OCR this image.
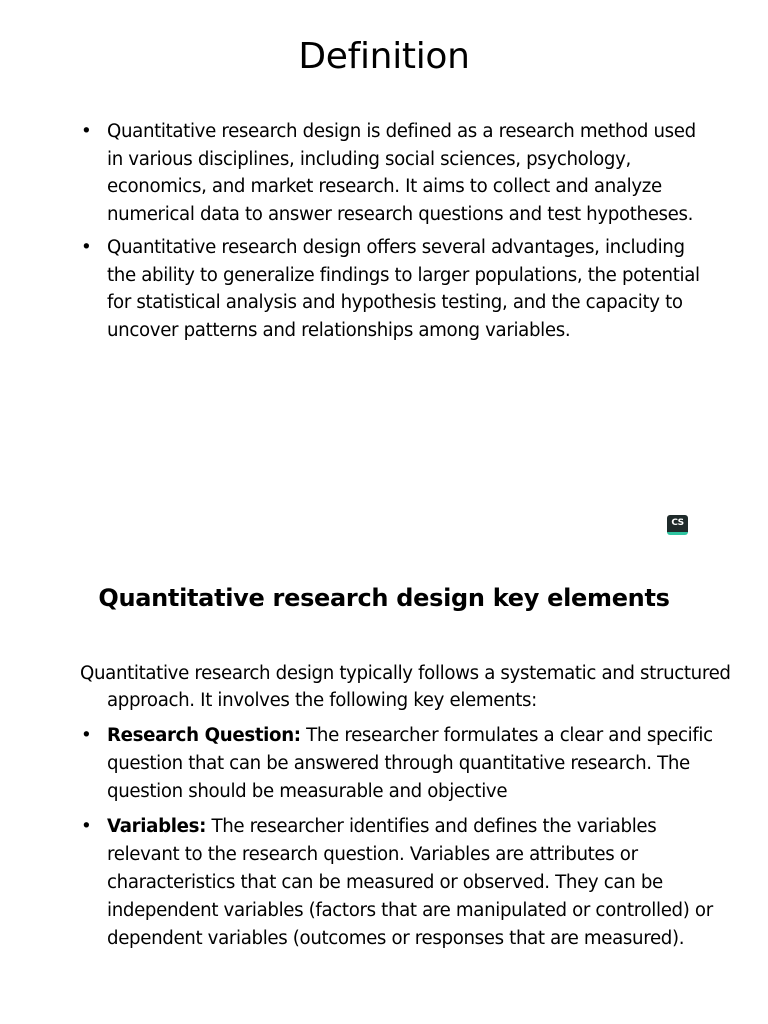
Definition
• Quantitative research design is defined as a research method used in various disciplines, including social sciences, psychology, economics, and market research. It aims to collect and analyze numerical data to answer research questions and test hypotheses.
• Quantitative research design offers several advantages, including the ability to generalize findings to larger populations, the potential for statistical analysis and hypothesis testing, and the capacity to uncover patterns and relationships among variables.
CS
Quantitative research design key elements

Quantitative research design typically follows a systematic and structured approach. It involves the following key elements:

• Research Question: The researcher formulates a clear and specific question that can be answered through quantitative research. The question should be measurable and objective
• Variables: The researcher identifies and defines the variables relevant to the research question. Variables are attributes or characteristics that can be measured or observed. They can be independent variables (factors that are manipulated or controlled) or dependent variables (outcomes or responses that are measured).
